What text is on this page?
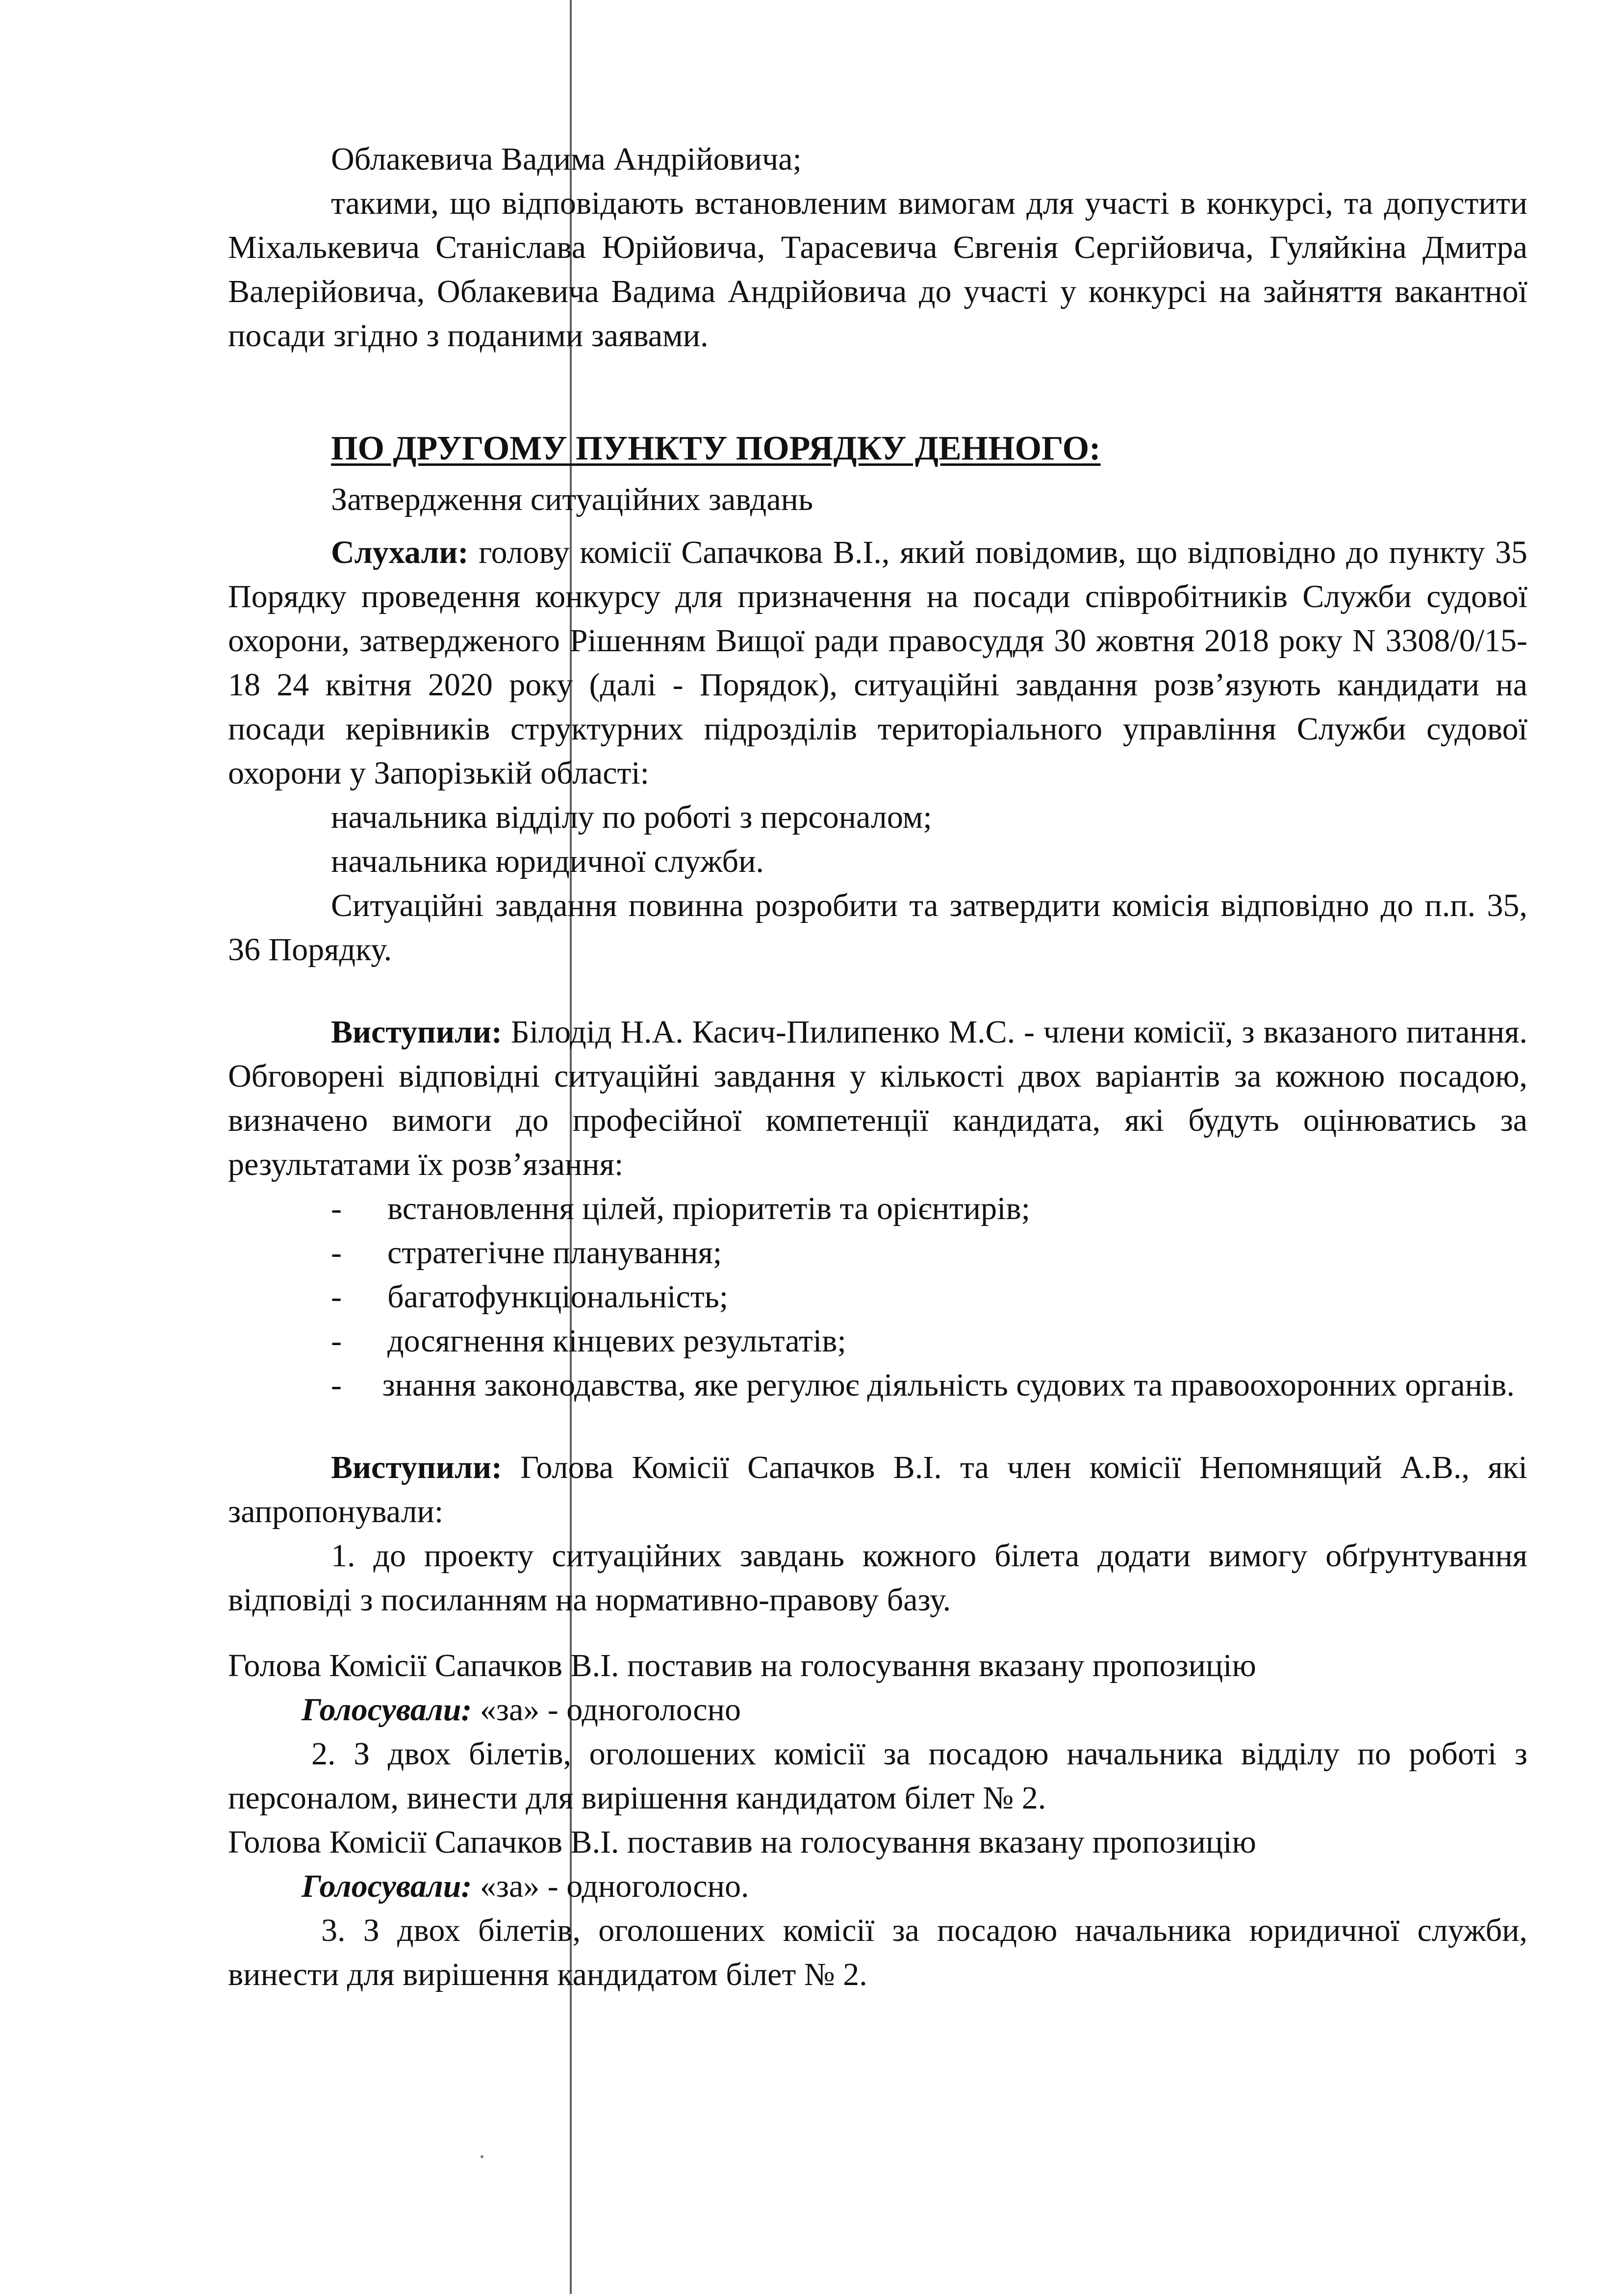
Облакевича Вадима Андрійовича;

такими, що відповідають встановленим вимогам для участі в конкурсі, та допустити Міхалькевича Станіслава Юрійовича, Тарасевича Євгенія Сергійовича, Гуляйкіна Дмитра Валерійовича, Облакевича Вадима Андрійовича до участі у конкурсі на зайняття вакантної посади згідно з поданими заявами.

ПО ДРУГОМУ ПУНКТУ ПОРЯДКУ ДЕННОГО:

Затвердження ситуаційних завдань

Слухали: голову комісії Сапачкова В.І., який повідомив, що відповідно до пункту 35 Порядку проведення конкурсу для призначення на посади співробітників Служби судової охорони, затвердженого Рішенням Вищої ради правосуддя 30 жовтня 2018 року N 3308/0/15-18 24 квітня 2020 року (далі - Порядок), ситуаційні завдання розв’язують кандидати на посади керівників структурних підрозділів територіального управління Служби судової охорони у Запорізькій області:

начальника відділу по роботі з персоналом;

начальника юридичної служби.

Ситуаційні завдання повинна розробити та затвердити комісія відповідно до п.п. 35, 36 Порядку.

Виступили: Білодід Н.А. Касич-Пилипенко М.С. - члени комісії, з вказаного питання. Обговорені відповідні ситуаційні завдання у кількості двох варіантів за кожною посадою, визначено вимоги до професійної компетенції кандидата, які будуть оцінюватись за результатами їх розв’язання:

-	встановлення цілей, пріоритетів та орієнтирів;
-	стратегічне планування;
-	багатофункціональність;
-	досягнення кінцевих результатів;

- знання законодавства, яке регулює діяльність судових та правоохоронних органів.

Виступили: Голова Комісії Сапачков В.І. та член комісії Непомнящий А.В., які запропонували:

1. до проекту ситуаційних завдань кожного білета додати вимогу обґрунтування відповіді з посиланням на нормативно-правову базу.

Голова Комісії Сапачков В.І. поставив на голосування вказану пропозицію

Голосували: «за» - одноголосно

2. З двох білетів, оголошених комісії за посадою начальника відділу по роботі з персоналом, винести для вирішення кандидатом білет № 2.

Голова Комісії Сапачков В.І. поставив на голосування вказану пропозицію

Голосували: «за» - одноголосно.

3. З двох білетів, оголошених комісії за посадою начальника юридичної служби, винести для вирішення кандидатом білет № 2.
